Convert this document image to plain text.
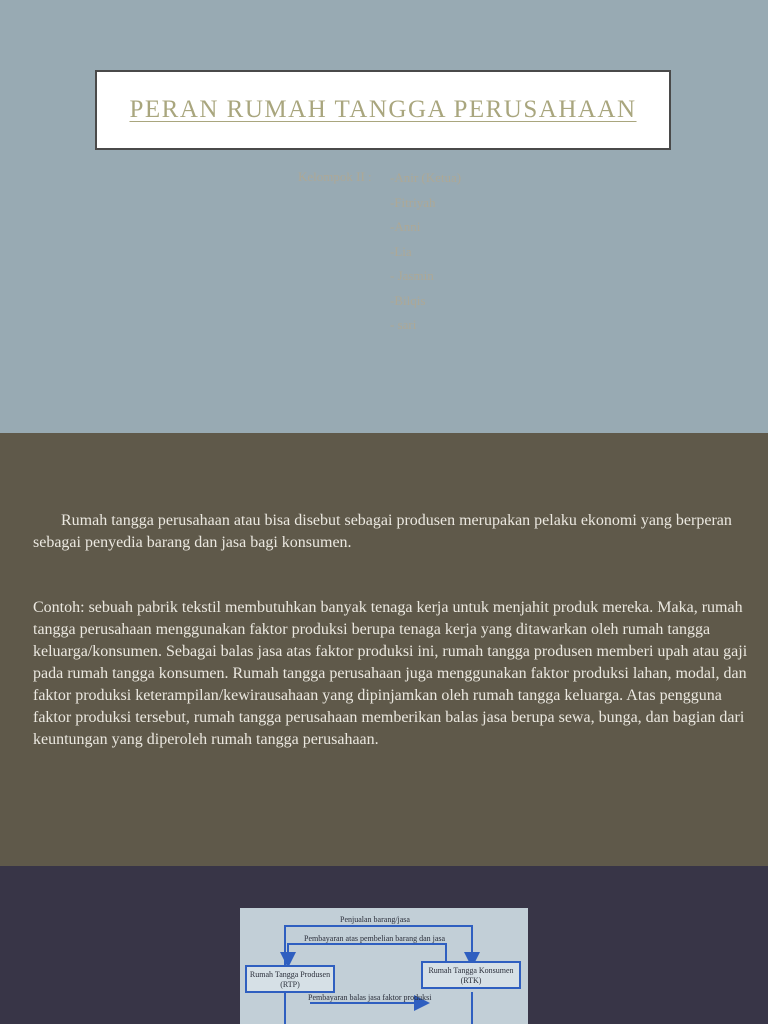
PERAN RUMAH TANGGA PERUSAHAAN
Kelompok II : -Anir (Ketua)
-Fitriyah
-Anni
-Lia
- Jasmin
-Bilqis
- sari

Rumah tangga perusahaan atau bisa disebut sebagai produsen merupakan pelaku ekonomi yang berperan sebagai penyedia barang dan jasa bagi konsumen.

Contoh: sebuah pabrik tekstil membutuhkan banyak tenaga kerja untuk menjahit produk mereka. Maka, rumah tangga perusahaan menggunakan faktor produksi berupa tenaga kerja yang ditawarkan oleh rumah tangga keluarga/konsumen. Sebagai balas jasa atas faktor produksi ini, rumah tangga produsen memberi upah atau gaji pada rumah tangga konsumen. Rumah tangga perusahaan juga menggunakan faktor produksi lahan, modal, dan faktor produksi keterampilan/kewirausahaan yang dipinjamkan oleh rumah tangga keluarga. Atas pengguna faktor produksi tersebut, rumah tangga perusahaan memberikan balas jasa berupa sewa, bunga, dan bagian dari keuntungan yang diperoleh rumah tangga perusahaan.

Penjualan barang/jasa
Pembayaran atas pembelian barang dan jasa
Rumah Tangga Produsen
(RTP)
Rumah Tangga Konsumen
(RTK)
Pembayaran balas jasa faktor produksi
